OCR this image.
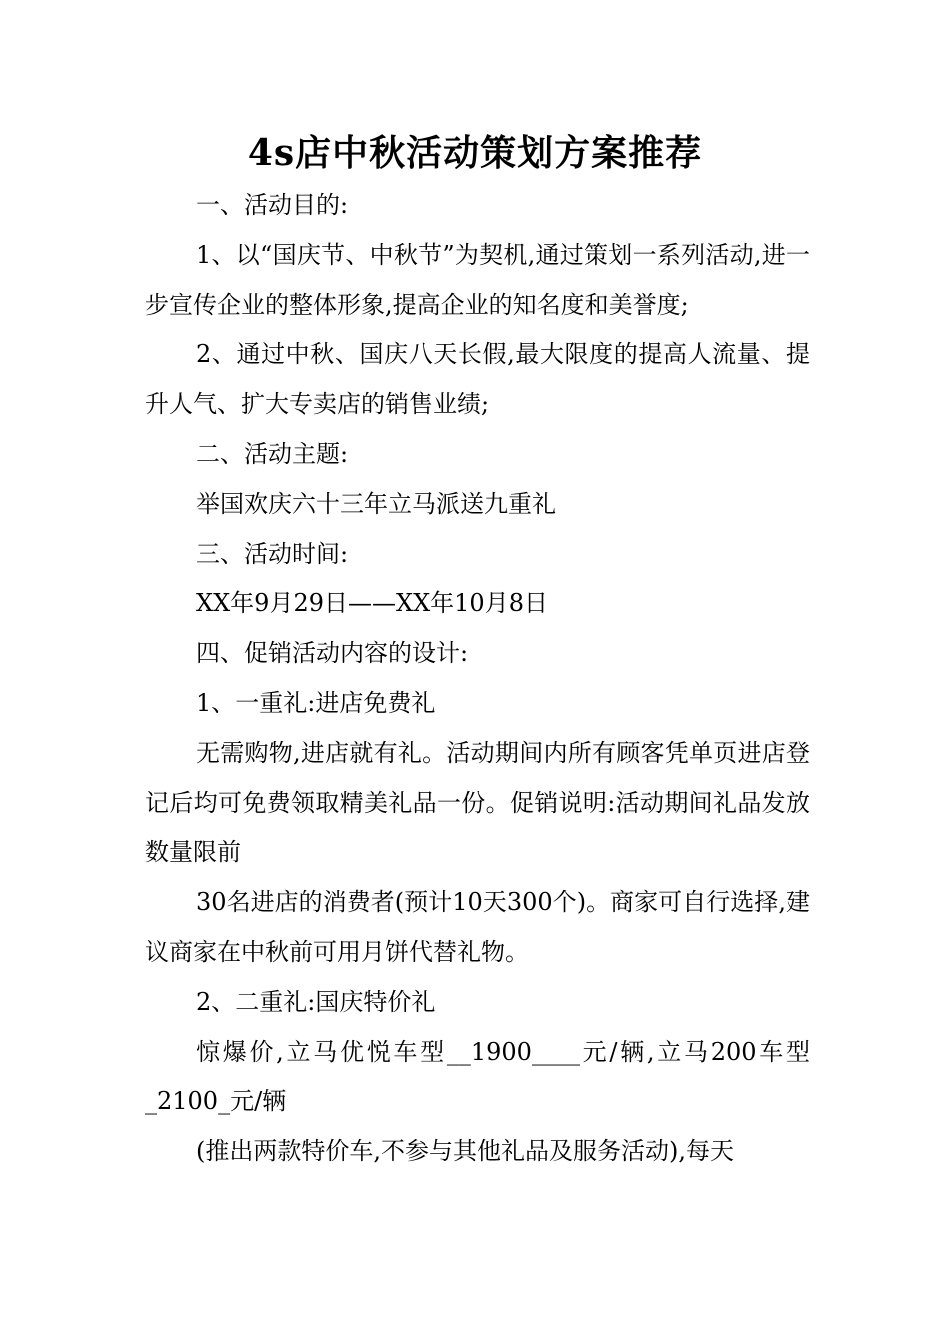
4s店中秋活动策划方案推荐

一、活动目的:

1、以“国庆节、中秋节”为契机,通过策划一系列活动,进一步宣传企业的整体形象,提高企业的知名度和美誉度;

2、通过中秋、国庆八天长假,最大限度的提高人流量、提升人气、扩大专卖店的销售业绩;

二、活动主题:

举国欢庆六十三年立马派送九重礼

三、活动时间:

XX年9月29日——XX年10月8日

四、促销活动内容的设计:

1、一重礼:进店免费礼

无需购物,进店就有礼。活动期间内所有顾客凭单页进店登记后均可免费领取精美礼品一份。促销说明:活动期间礼品发放数量限前

30名进店的消费者(预计10天300个)。商家可自行选择,建议商家在中秋前可用月饼代替礼物。

2、二重礼:国庆特价礼

惊爆价,立马优悦车型__1900____元/辆,立马200车型_2100_元/辆

(推出两款特价车,不参与其他礼品及服务活动),每天
